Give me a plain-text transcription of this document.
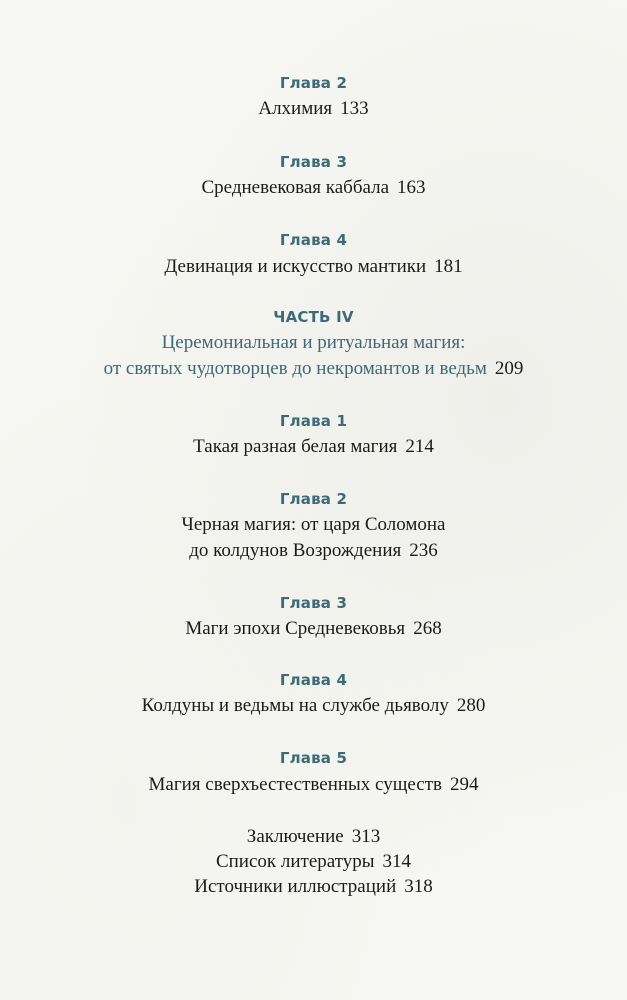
Глава 2
Алхимия 133
Глава 3
Средневековая каббала 163
Глава 4
Девинация и искусство мантики 181
ЧАСТЬ IV
Церемониальная и ритуальная магия:
от святых чудотворцев до некромантов и ведьм 209
Глава 1
Такая разная белая магия 214
Глава 2
Черная магия: от царя Соломона
до колдунов Возрождения 236
Глава 3
Маги эпохи Средневековья 268
Глава 4
Колдуны и ведьмы на службе дьяволу 280
Глава 5
Магия сверхъестественных существ 294
Заключение 313
Список литературы 314
Источники иллюстраций 318
